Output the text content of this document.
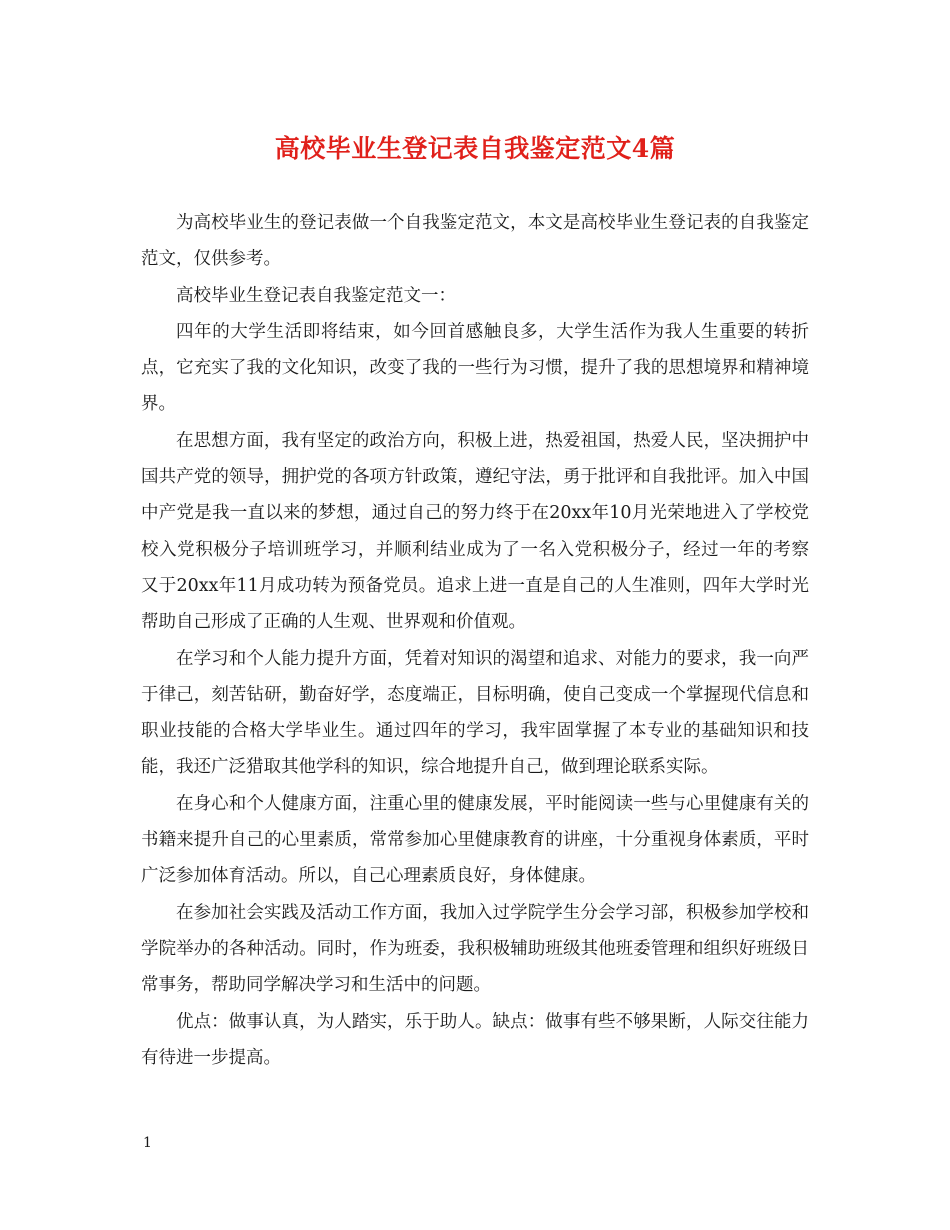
高校毕业生登记表自我鉴定范文4篇

为高校毕业生的登记表做一个自我鉴定范文，本文是高校毕业生登记表的自我鉴定范文，仅供参考。

高校毕业生登记表自我鉴定范文一：

四年的大学生活即将结束，如今回首感触良多，大学生活作为我人生重要的转折点，它充实了我的文化知识，改变了我的一些行为习惯，提升了我的思想境界和精神境界。

在思想方面，我有坚定的政治方向，积极上进，热爱祖国，热爱人民，坚决拥护中国共产党的领导，拥护党的各项方针政策，遵纪守法，勇于批评和自我批评。加入中国中产党是我一直以来的梦想，通过自己的努力终于在20xx年10月光荣地进入了学校党校入党积极分子培训班学习，并顺利结业成为了一名入党积极分子，经过一年的考察 又于20xx年11月成功转为预备党员。追求上进一直是自己的人生准则，四年大学时光帮助自己形成了正确的人生观、世界观和价值观。

在学习和个人能力提升方面，凭着对知识的渴望和追求、对能力的要求，我一向严于律己，刻苦钻研，勤奋好学，态度端正，目标明确，使自己变成一个掌握现代信息和职业技能的合格大学毕业生。通过四年的学习，我牢固掌握了本专业的基础知识和技能，我还广泛猎取其他学科的知识，综合地提升自己，做到理论联系实际。

在身心和个人健康方面，注重心里的健康发展，平时能阅读一些与心里健康有关的书籍来提升自己的心里素质，常常参加心里健康教育的讲座，十分重视身体素质，平时广泛参加体育活动。所以，自己心理素质良好，身体健康。

在参加社会实践及活动工作方面，我加入过学院学生分会学习部，积极参加学校和学院举办的各种活动。同时，作为班委，我积极辅助班级其他班委管理和组织好班级日常事务，帮助同学解决学习和生活中的问题。

优点：做事认真，为人踏实，乐于助人。缺点：做事有些不够果断，人际交往能力有待进一步提高。

1
